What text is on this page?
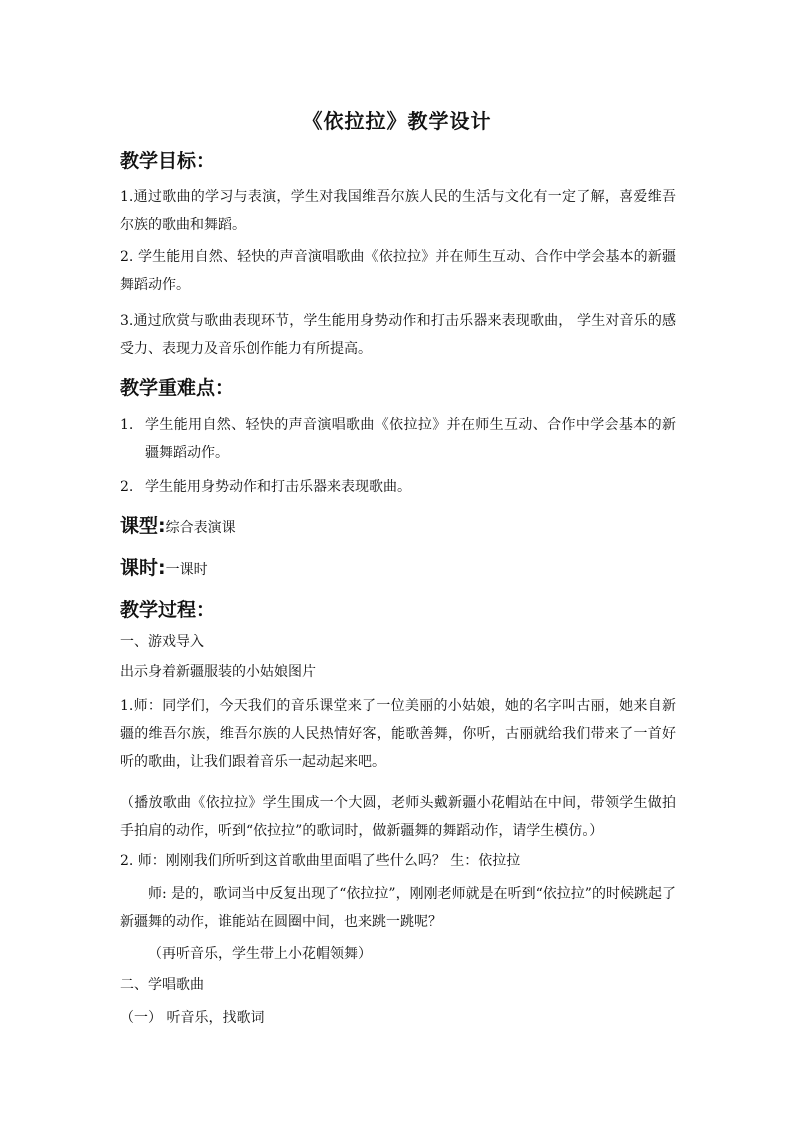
《依拉拉》教学设计
教学目标：
1.通过歌曲的学习与表演，学生对我国维吾尔族人民的生活与文化有一定了解，喜爱维吾尔族的歌曲和舞蹈。
2. 学生能用自然、轻快的声音演唱歌曲《依拉拉》并在师生互动、合作中学会基本的新疆舞蹈动作。
3.通过欣赏与歌曲表现环节，学生能用身势动作和打击乐器来表现歌曲， 学生对音乐的感受力、表现力及音乐创作能力有所提高。
教学重难点：
1. 学生能用自然、轻快的声音演唱歌曲《依拉拉》并在师生互动、合作中学会基本的新疆舞蹈动作。
2. 学生能用身势动作和打击乐器来表现歌曲。
课型:综合表演课
课时:一课时
教学过程：
一、游戏导入
出示身着新疆服装的小姑娘图片
1.师：同学们，今天我们的音乐课堂来了一位美丽的小姑娘，她的名字叫古丽，她来自新疆的维吾尔族，维吾尔族的人民热情好客，能歌善舞，你听，古丽就给我们带来了一首好听的歌曲，让我们跟着音乐一起动起来吧。
（播放歌曲《依拉拉》学生围成一个大圆，老师头戴新疆小花帽站在中间，带领学生做拍手拍肩的动作，听到“依拉拉”的歌词时，做新疆舞的舞蹈动作，请学生模仿。）
2. 师：刚刚我们所听到这首歌曲里面唱了些什么吗？ 生：依拉拉
师: 是的，歌词当中反复出现了“依拉拉”，刚刚老师就是在听到“依拉拉”的时候跳起了新疆舞的动作，谁能站在圆圈中间，也来跳一跳呢？
（再听音乐，学生带上小花帽领舞）
二、学唱歌曲
（一） 听音乐，找歌词
